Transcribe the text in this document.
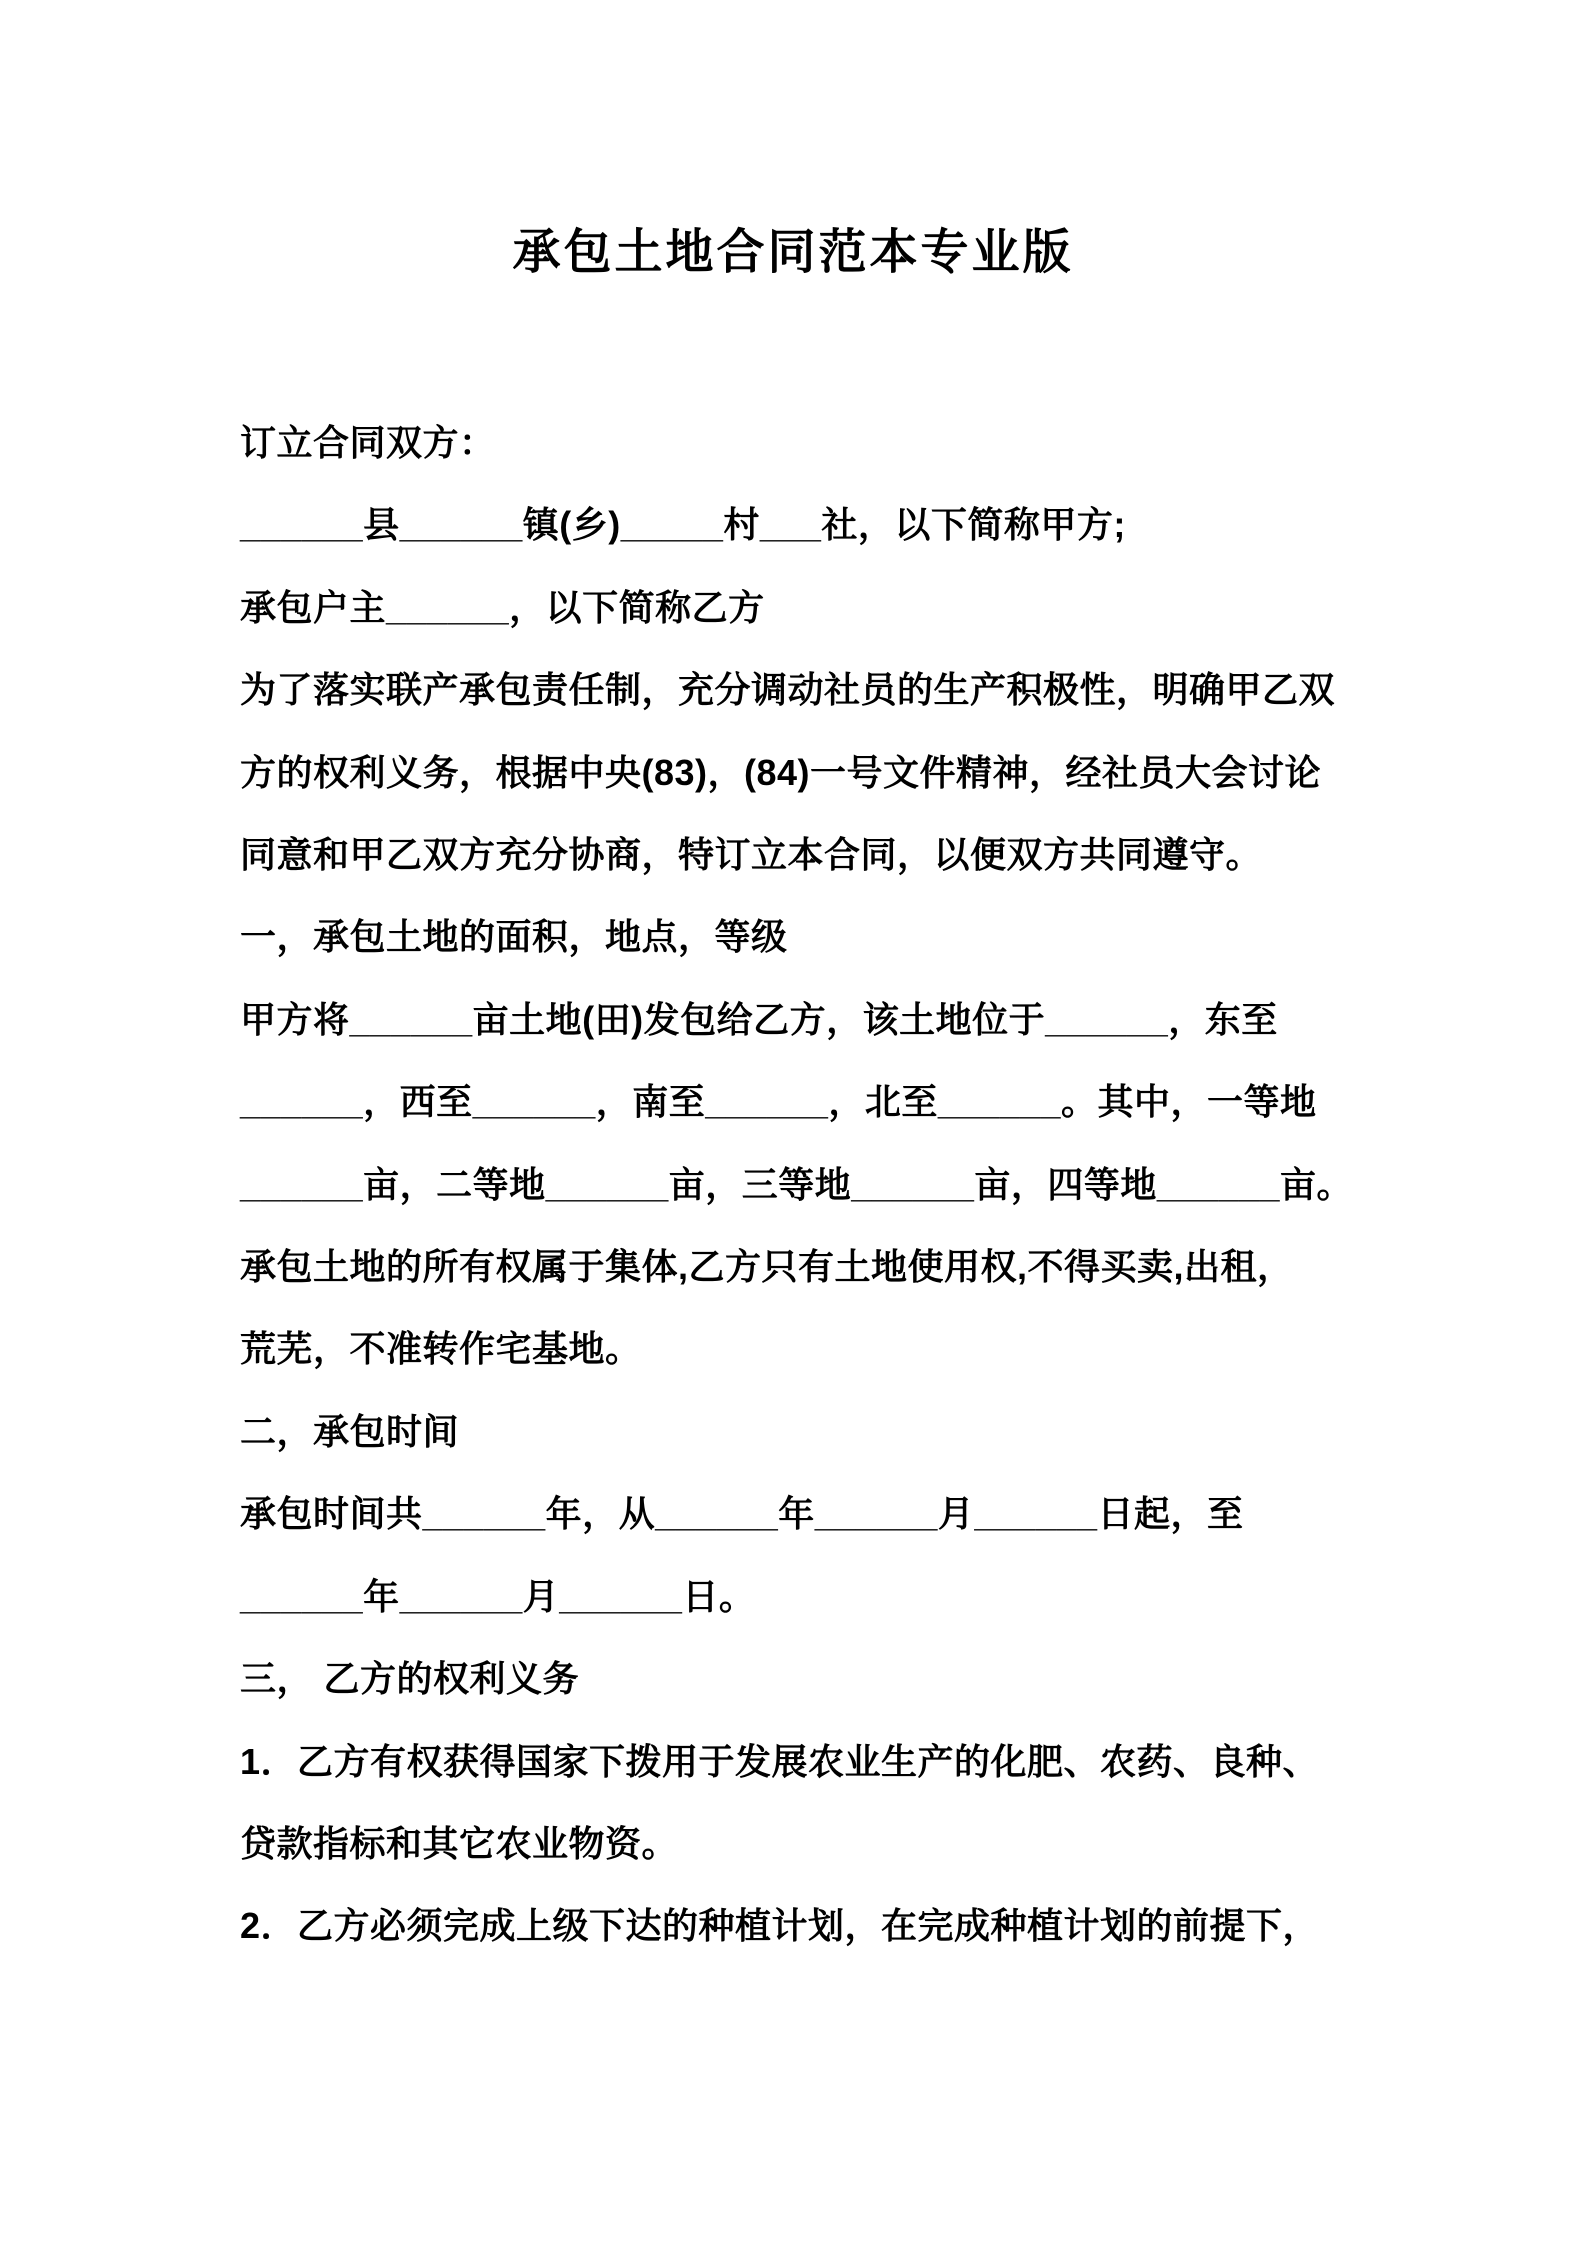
承包土地合同范本专业版

订立合同双方：

______县______镇(乡)_____村___社，以下简称甲方;

承包户主______，以下简称乙方

为了落实联产承包责任制，充分调动社员的生产积极性，明确甲乙双

方的权利义务，根据中央(83)，(84)一号文件精神，经社员大会讨论

同意和甲乙双方充分协商，特订立本合同，以便双方共同遵守。

一，承包土地的面积，地点，等级

甲方将______亩土地(田)发包给乙方，该土地位于______，东至

______，西至______，南至______，北至______。其中，一等地

______亩，二等地______亩，三等地______亩，四等地______亩。

承包土地的所有权属于集体,乙方只有土地使用权,不得买卖,出租，

荒芜，不准转作宅基地。

二，承包时间

承包时间共______年，从______年______月______日起，至

______年______月______日。

三， 乙方的权利义务

1．乙方有权获得国家下拨用于发展农业生产的化肥、农药、良种、

贷款指标和其它农业物资。

2．乙方必须完成上级下达的种植计划，在完成种植计划的前提下，
